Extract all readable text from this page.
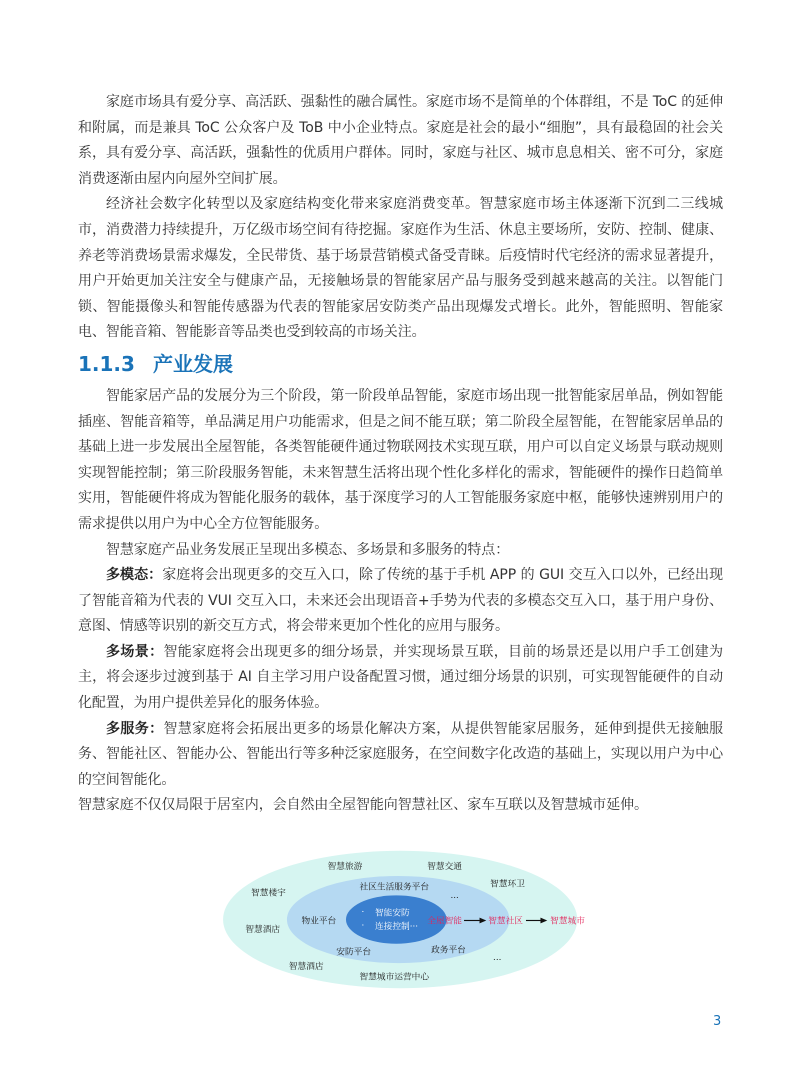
家庭市场具有爱分享、高活跃、强黏性的融合属性。家庭市场不是简单的个体群组，不是 ToC 的延伸和附属，而是兼具 ToC 公众客户及 ToB 中小企业特点。家庭是社会的最小“细胞”，具有最稳固的社会关系，具有爱分享、高活跃，强黏性的优质用户群体。同时，家庭与社区、城市息息相关、密不可分，家庭消费逐渐由屋内向屋外空间扩展。

经济社会数字化转型以及家庭结构变化带来家庭消费变革。智慧家庭市场主体逐渐下沉到二三线城市，消费潜力持续提升，万亿级市场空间有待挖掘。家庭作为生活、休息主要场所，安防、控制、健康、养老等消费场景需求爆发，全民带货、基于场景营销模式备受青睐。后疫情时代宅经济的需求显著提升，用户开始更加关注安全与健康产品，无接触场景的智能家居产品与服务受到越来越高的关注。以智能门锁、智能摄像头和智能传感器为代表的智能家居安防类产品出现爆发式增长。此外，智能照明、智能家电、智能音箱、智能影音等品类也受到较高的市场关注。

1.1.3 产业发展

智能家居产品的发展分为三个阶段，第一阶段单品智能，家庭市场出现一批智能家居单品，例如智能插座、智能音箱等，单品满足用户功能需求，但是之间不能互联；第二阶段全屋智能，在智能家居单品的基础上进一步发展出全屋智能，各类智能硬件通过物联网技术实现互联，用户可以自定义场景与联动规则实现智能控制；第三阶段服务智能，未来智慧生活将出现个性化多样化的需求，智能硬件的操作日趋简单实用，智能硬件将成为智能化服务的载体，基于深度学习的人工智能服务家庭中枢，能够快速辨别用户的需求提供以用户为中心全方位智能服务。

智慧家庭产品业务发展正呈现出多模态、多场景和多服务的特点：

多模态：家庭将会出现更多的交互入口，除了传统的基于手机 APP 的 GUI 交互入口以外，已经出现了智能音箱为代表的 VUI 交互入口，未来还会出现语音+手势为代表的多模态交互入口，基于用户身份、意图、情感等识别的新交互方式，将会带来更加个性化的应用与服务。

多场景：智能家庭将会出现更多的细分场景，并实现场景互联，目前的场景还是以用户手工创建为主，将会逐步过渡到基于 AI 自主学习用户设备配置习惯，通过细分场景的识别，可实现智能硬件的自动化配置，为用户提供差异化的服务体验。

多服务：智慧家庭将会拓展出更多的场景化解决方案，从提供智能家居服务，延伸到提供无接触服务、智能社区、智能办公、智能出行等多种泛家庭服务，在空间数字化改造的基础上，实现以用户为中心的空间智能化。

智慧家庭不仅仅局限于居室内，会自然由全屋智能向智慧社区、家车互联以及智慧城市延伸。

智慧旅游	智慧交通
智慧楼宇
智慧环卫
智慧酒店
智慧酒店
智慧城市运营中心
...
社区生活服务平台
物业平台
安防平台	政务平台
...
· 智能安防
· 连接控制···
全屋智能	智慧社区	智慧城市
3
